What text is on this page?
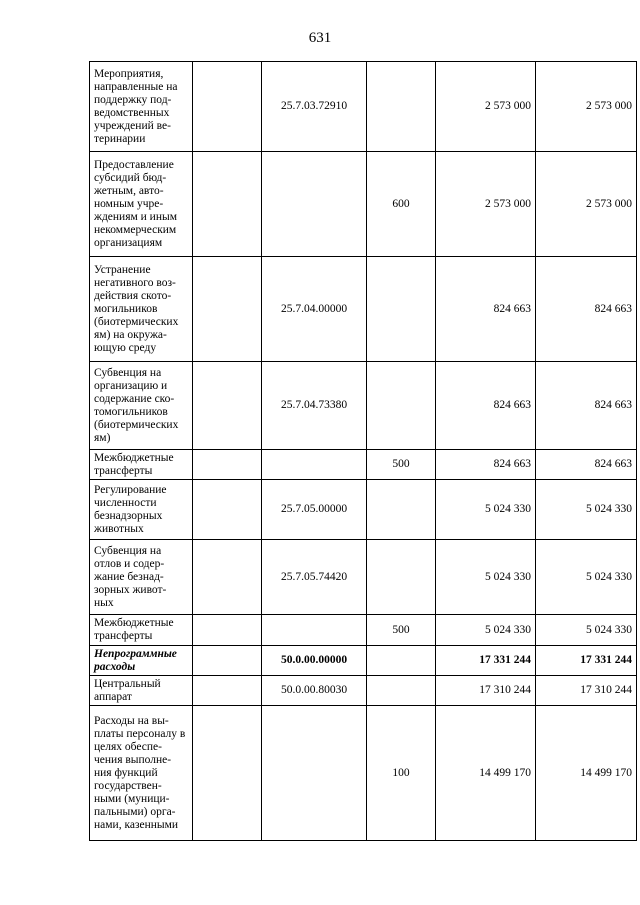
631
Мероприятия, направленные на поддержку под- ведомственных учреждений ве- теринарии		25.7.03.72910		2 573 000	2 573 000
Предоставление субсидий бюд- жетным, авто- номным учре- ждениям и иным некоммерческим организациям			600	2 573 000	2 573 000
Устранение негативного воз- действия ското- могильников (биотермических ям) на окружа- ющую среду		25.7.04.00000		824 663	824 663
Субвенция на организацию и содержание ско- томогильников (биотермических ям)		25.7.04.73380		824 663	824 663
Межбюджетные трансферты			500	824 663	824 663
Регулирование численности безнадзорных животных		25.7.05.00000		5 024 330	5 024 330
Субвенция на отлов и содер- жание безнад- зорных живот- ных		25.7.05.74420		5 024 330	5 024 330
Межбюджетные трансферты			500	5 024 330	5 024 330
Непрограммные расходы		50.0.00.00000		17 331 244	17 331 244
Центральный аппарат		50.0.00.80030		17 310 244	17 310 244
Расходы на вы- платы персоналу в целях обеспе- чения выполне- ния функций государствен- ными (муници- пальными) орга- нами, казенными			100	14 499 170	14 499 170
